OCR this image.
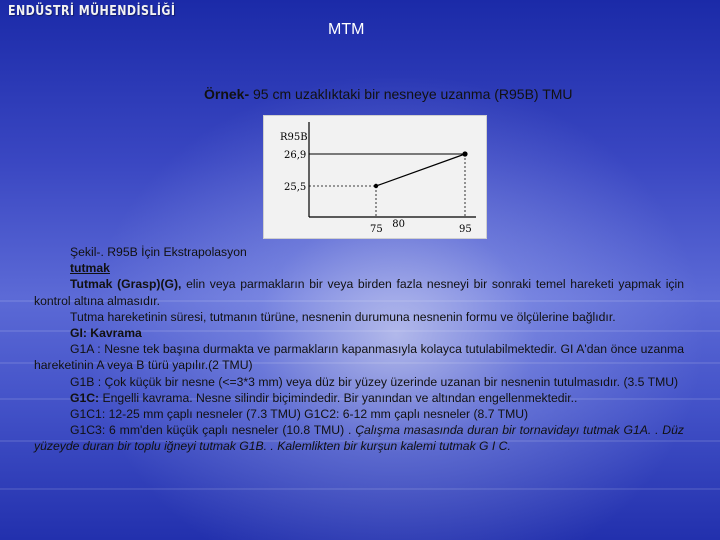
ENDÜSTRİ MÜHENDİSLİĞİ
MTM
Örnek- 95 cm uzaklıktaki bir nesneye uzanma (R95B) TMU
R95B
75 80	95
26,9
25,5

Şekil-. R95B İçin Ekstrapolasyon

tutmak

Tutmak (Grasp)(G), elin veya parmakların bir veya birden fazla nesneyi bir sonraki temel hareketi yapmak için kontrol altına almasıdır.

Tutma hareketinin süresi, tutmanın türüne, nesnenin durumuna nesnenin formu ve ölçülerine bağlıdır.

GI: Kavrama

G1A : Nesne tek başına durmakta ve parmakların kapanmasıyla kolayca tutulabilmektedir. GI A'dan önce uzanma hareketinin A veya B türü yapılır.(2 TMU)

G1B : Çok küçük bir nesne (<=3*3 mm) veya düz bir yüzey üzerinde uzanan bir nesnenin tutulmasıdır. (3.5 TMU)

G1C: Engelli kavrama. Nesne silindir biçimindedir. Bir yanından ve altından engellenmektedir..

G1C1: 12-25 mm çaplı nesneler (7.3 TMU) G1C2: 6-12 mm çaplı nesneler (8.7 TMU)

G1C3: 6 mm'den küçük çaplı nesneler (10.8 TMU) . Çalışma masasında duran bir tornavidayı tutmak G1A. . Düz yüzeyde duran bir toplu iğneyi tutmak G1B. . Kalemlikten bir kurşun kalemi tutmak G I C.
